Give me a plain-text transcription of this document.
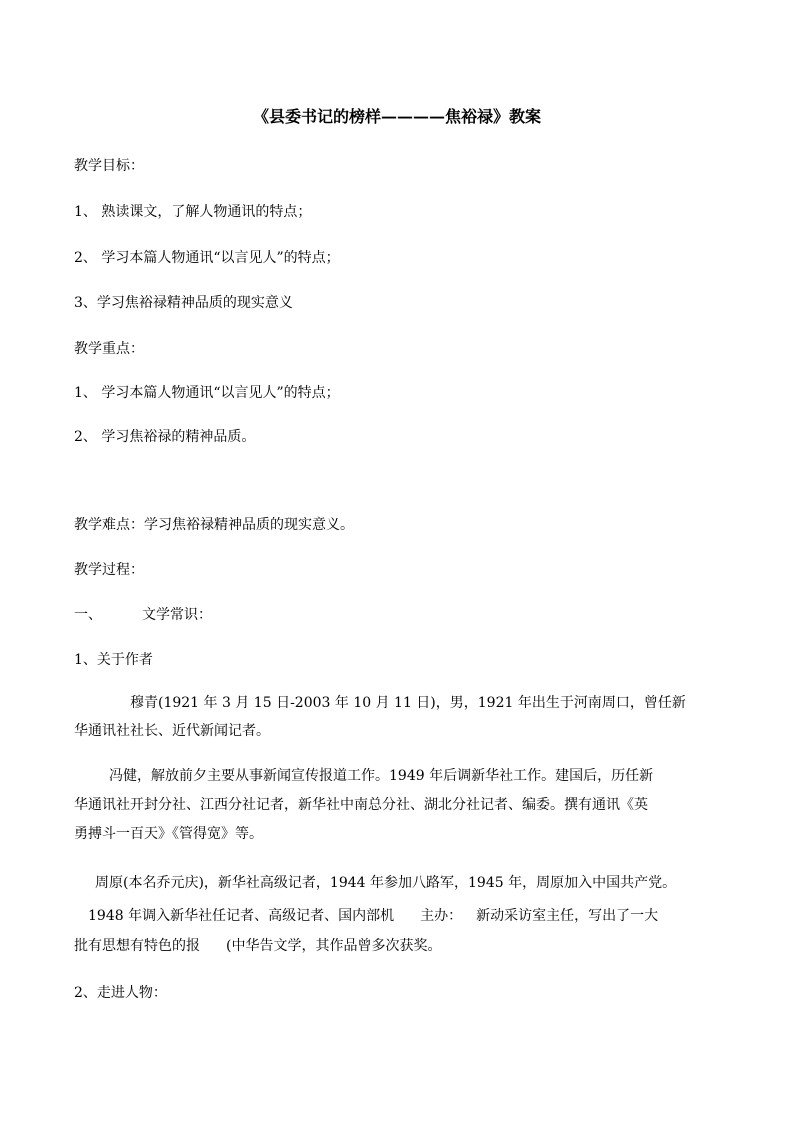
《县委书记的榜样————焦裕禄》教案
教学目标：
1、 熟读课文，了解人物通讯的特点；
2、 学习本篇人物通讯“以言见人”的特点；
3、学习焦裕禄精神品质的现实意义
教学重点：
1、 学习本篇人物通讯“以言见人”的特点；
2、 学习焦裕禄的精神品质。
教学难点：学习焦裕禄精神品质的现实意义。
教学过程：
一、	文学常识：
1、关于作者
穆青(1921 年 3 月 15 日-2003 年 10 月 11 日)，男，1921 年出生于河南周口，曾任新
华通讯社社长、近代新闻记者。
冯健，解放前夕主要从事新闻宣传报道工作。1949 年后调新华社工作。建国后，历任新
华通讯社开封分社、江西分社记者，新华社中南总分社、湖北分社记者、编委。撰有通讯《英
勇搏斗一百天》《管得宽》等。
周原(本名乔元庆)，新华社高级记者，1944 年参加八路军，1945 年，周原加入中国共产党。
1948 年调入新华社任记者、高级记者、国内部机 主办： 新动采访室主任，写出了一大
批有思想有特色的报 (中华告文学，其作品曾多次获奖。
2、走进人物：
